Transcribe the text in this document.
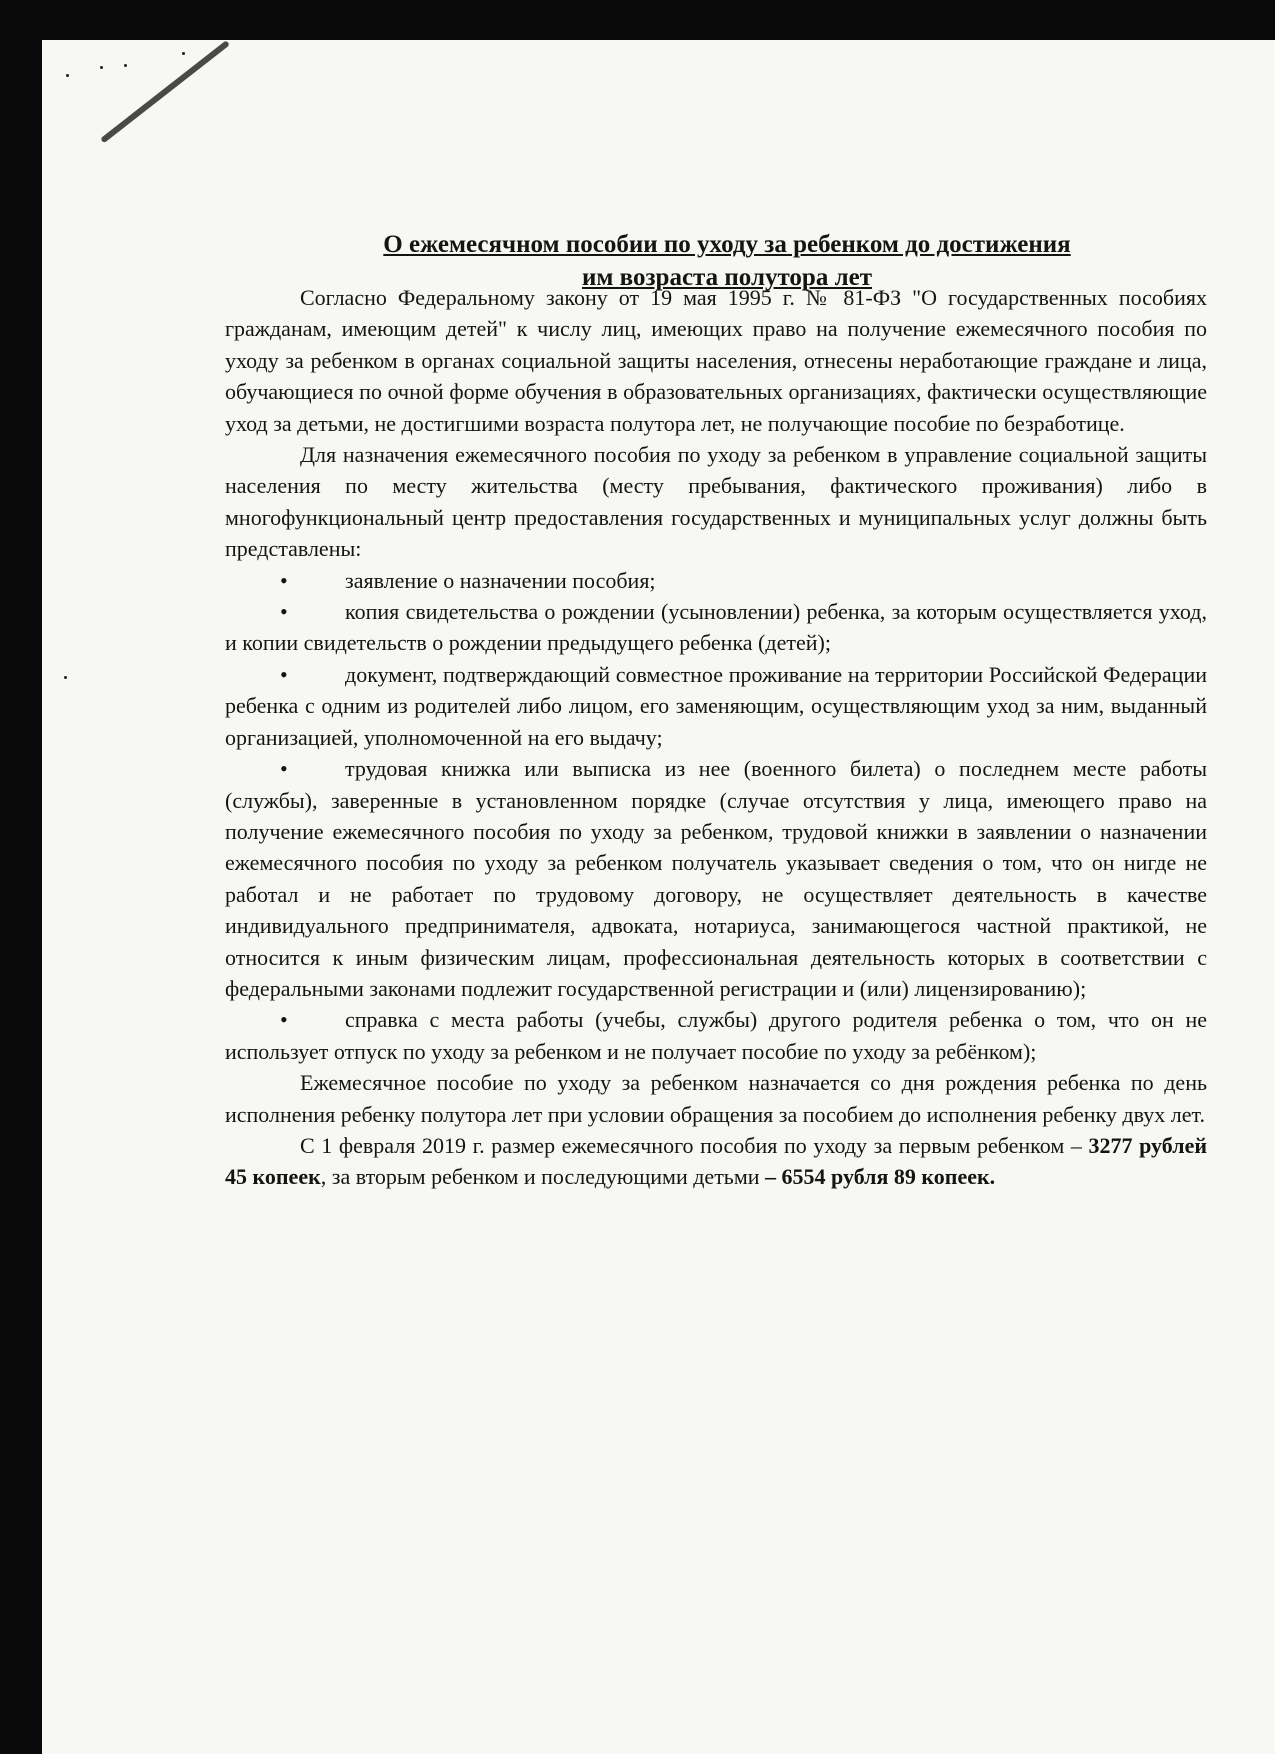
О ежемесячном пособии по уходу за ребенком до достижения
им возраста полутора лет

Согласно Федеральному закону от 19 мая 1995 г. № 81-ФЗ "О государственных пособиях гражданам, имеющим детей" к числу лиц, имеющих право на получение ежемесячного пособия по уходу за ребенком в органах социальной защиты населения, отнесены неработающие граждане и лица, обучающиеся по очной форме обучения в образовательных организациях, фактически осуществляющие уход за детьми, не достигшими возраста полутора лет, не получающие пособие по безработице.

Для назначения ежемесячного пособия по уходу за ребенком в управление социальной защиты населения по месту жительства (месту пребывания, фактического проживания) либо в многофункциональный центр предоставления государственных и муниципальных услуг должны быть представлены:

•	заявление о назначении пособия;

•	копия свидетельства о рождении (усыновлении) ребенка, за которым осуществляется уход, и копии свидетельств о рождении предыдущего ребенка (детей);

•	документ, подтверждающий совместное проживание на территории Российской Федерации ребенка с одним из родителей либо лицом, его заменяющим, осуществляющим уход за ним, выданный организацией, уполномоченной на его выдачу;

•	трудовая книжка или выписка из нее (военного билета) о последнем месте работы (службы), заверенные в установленном порядке (случае отсутствия у лица, имеющего право на получение ежемесячного пособия по уходу за ребенком, трудовой книжки в заявлении о назначении ежемесячного пособия по уходу за ребенком получатель указывает сведения о том, что он нигде не работал и не работает по трудовому договору, не осуществляет деятельность в качестве индивидуального предпринимателя, адвоката, нотариуса, занимающегося частной практикой, не относится к иным физическим лицам, профессиональная деятельность которых в соответствии с федеральными законами подлежит государственной регистрации и (или) лицензированию);

•	справка с места работы (учебы, службы) другого родителя ребенка о том, что он не использует отпуск по уходу за ребенком и не получает пособие по уходу за ребёнком);

Ежемесячное пособие по уходу за ребенком назначается со дня рождения ребенка по день исполнения ребенку полутора лет при условии обращения за пособием до исполнения ребенку двух лет.

С 1 февраля 2019 г. размер ежемесячного пособия по уходу за первым ребенком – 3277 рублей 45 копеек, за вторым ребенком и последующими детьми – 6554 рубля 89 копеек.
